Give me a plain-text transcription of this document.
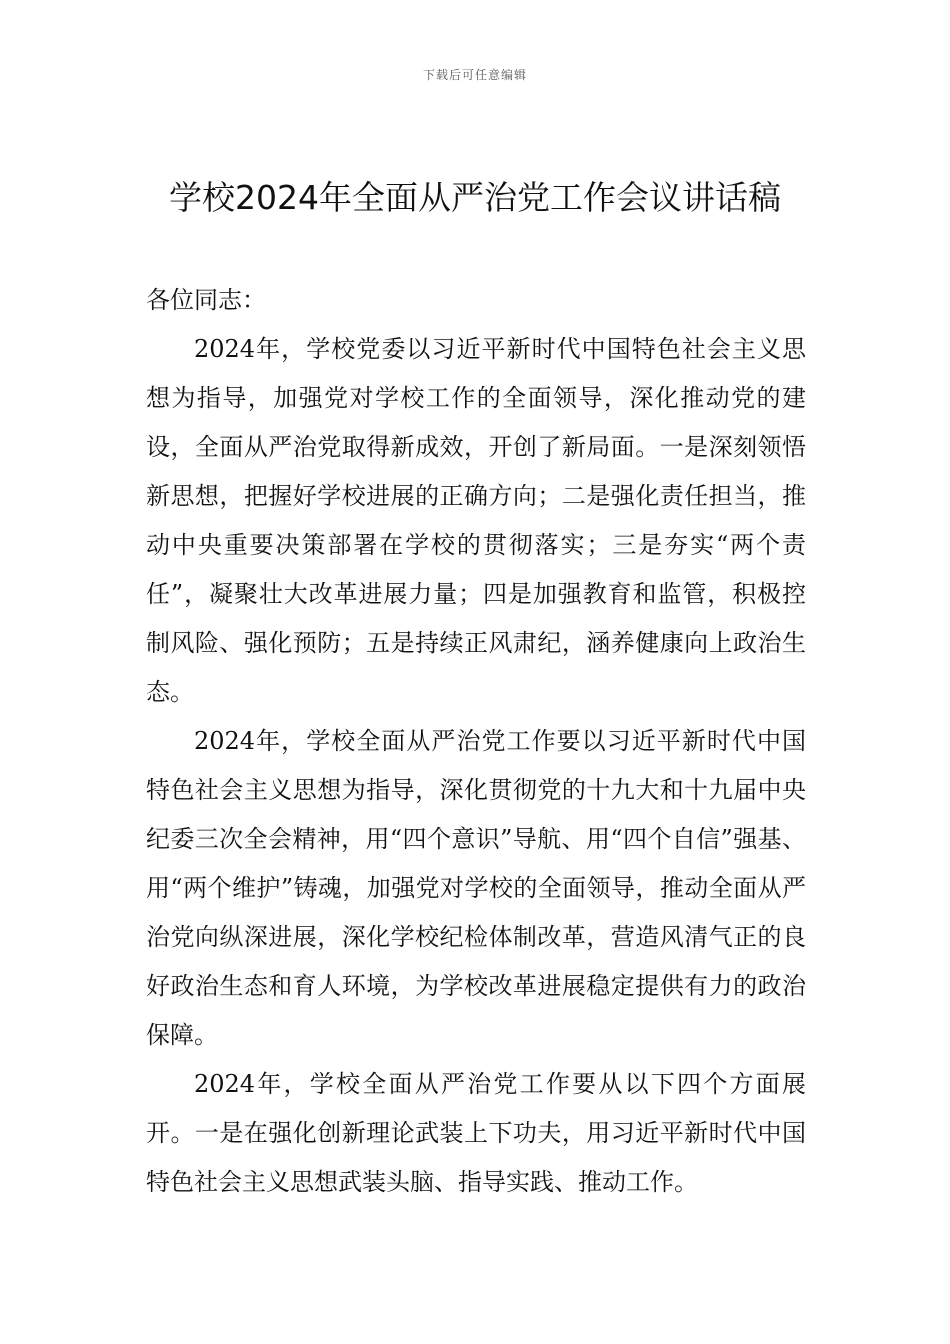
下载后可任意编辑
学校2024年全面从严治党工作会议讲话稿

各位同志：

2024年，学校党委以习近平新时代中国特色社会主义思想为指导，加强党对学校工作的全面领导，深化推动党的建设，全面从严治党取得新成效，开创了新局面。一是深刻领悟新思想，把握好学校进展的正确方向；二是强化责任担当，推动中央重要决策部署在学校的贯彻落实；三是夯实“两个责任”，凝聚壮大改革进展力量；四是加强教育和监管，积极控制风险、强化预防；五是持续正风肃纪，涵养健康向上政治生态。

2024年，学校全面从严治党工作要以习近平新时代中国特色社会主义思想为指导，深化贯彻党的十九大和十九届中央纪委三次全会精神，用“四个意识”导航、用“四个自信”强基、用“两个维护”铸魂，加强党对学校的全面领导，推动全面从严治党向纵深进展，深化学校纪检体制改革，营造风清气正的良好政治生态和育人环境，为学校改革进展稳定提供有力的政治保障。

2024年，学校全面从严治党工作要从以下四个方面展开。一是在强化创新理论武装上下功夫，用习近平新时代中国特色社会主义思想武装头脑、指导实践、推动工作。
